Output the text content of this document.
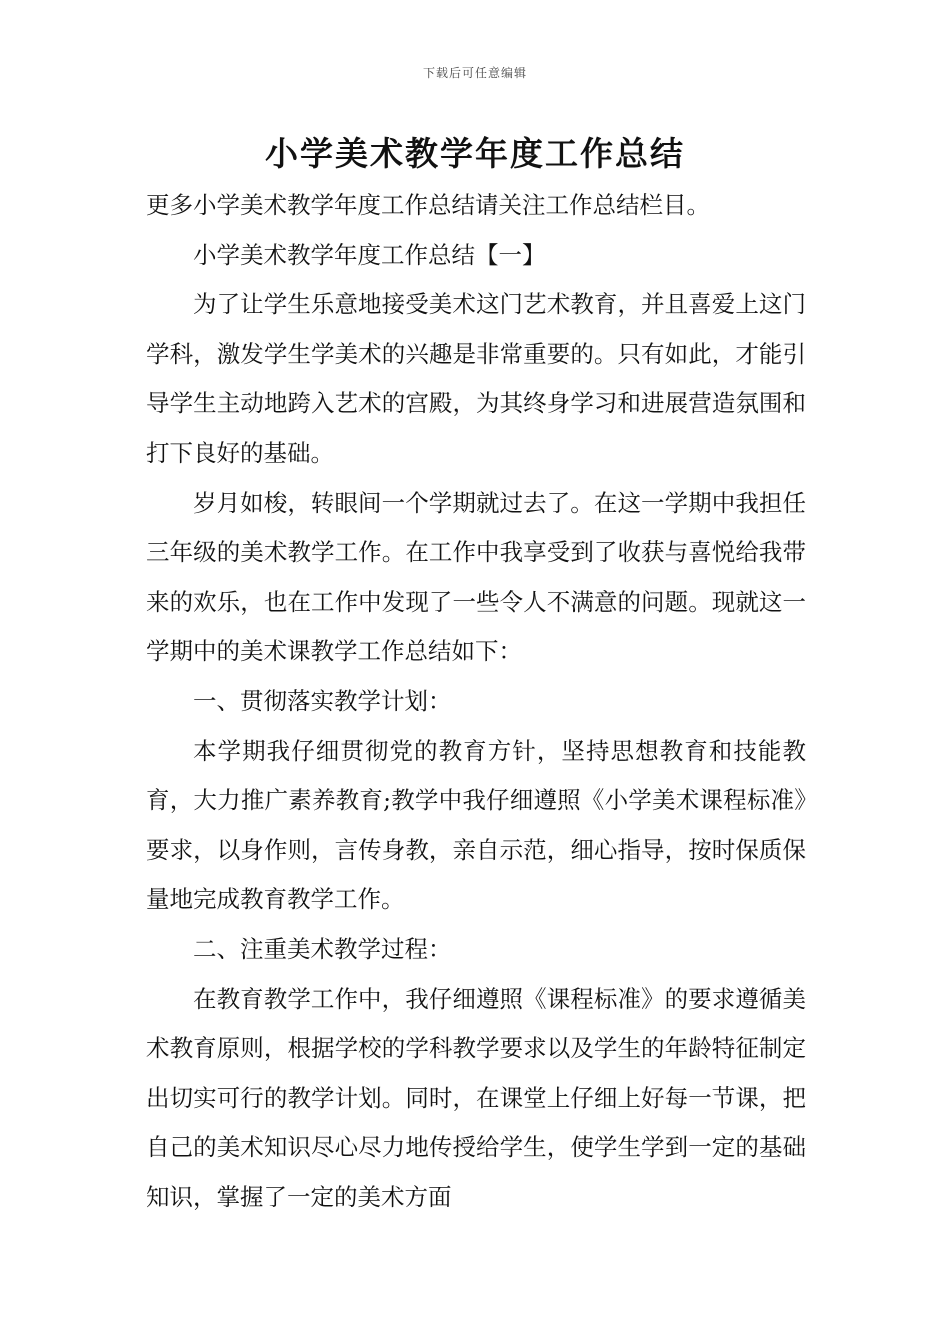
下载后可任意编辑
小学美术教学年度工作总结

更多小学美术教学年度工作总结请关注工作总结栏目。

小学美术教学年度工作总结【一】

为了让学生乐意地接受美术这门艺术教育，并且喜爱上这门学科，激发学生学美术的兴趣是非常重要的。只有如此，才能引导学生主动地跨入艺术的宫殿，为其终身学习和进展营造氛围和打下良好的基础。

岁月如梭，转眼间一个学期就过去了。在这一学期中我担任三年级的美术教学工作。在工作中我享受到了收获与喜悦给我带来的欢乐，也在工作中发现了一些令人不满意的问题。现就这一学期中的美术课教学工作总结如下：

一、贯彻落实教学计划：

本学期我仔细贯彻党的教育方针，坚持思想教育和技能教育，大力推广素养教育;教学中我仔细遵照《小学美术课程标准》要求，以身作则，言传身教，亲自示范，细心指导，按时保质保量地完成教育教学工作。

二、注重美术教学过程：

在教育教学工作中，我仔细遵照《课程标准》的要求遵循美术教育原则，根据学校的学科教学要求以及学生的年龄特征制定出切实可行的教学计划。同时，在课堂上仔细上好每一节课，把自己的美术知识尽心尽力地传授给学生，使学生学到一定的基础知识，掌握了一定的美术方面
